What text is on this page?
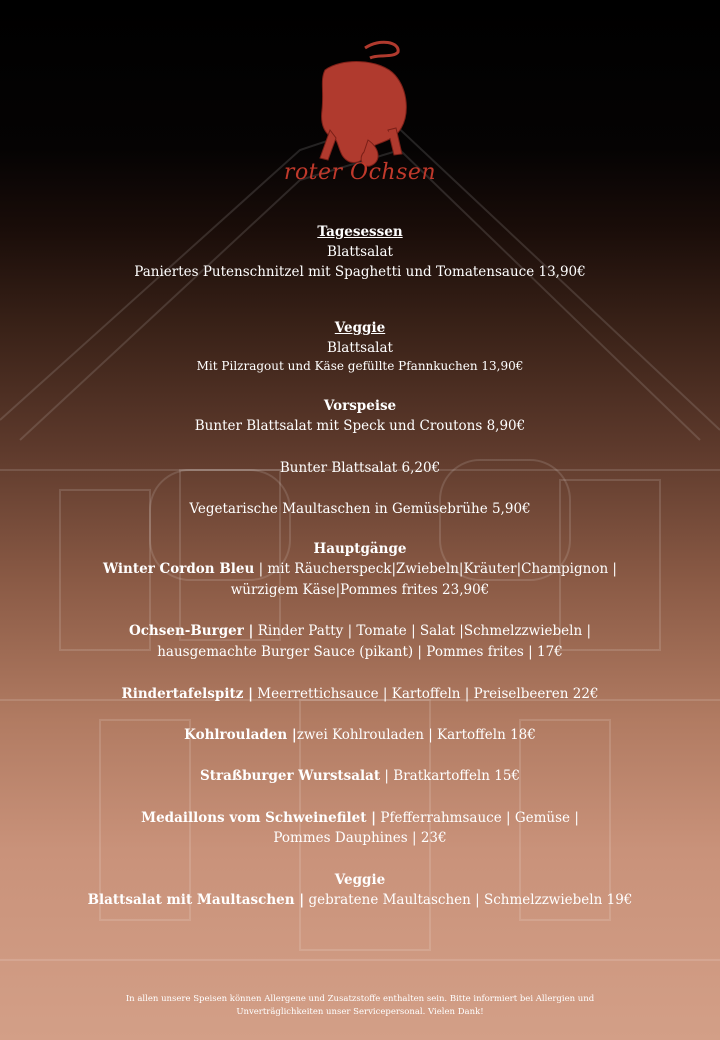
roter Ochsen
Tagesessen
Blattsalat
Paniertes Putenschnitzel mit Spaghetti und Tomatensauce 13,90€
Veggie
Blattsalat
Mit Pilzragout und Käse gefüllte Pfannkuchen 13,90€
Vorspeise
Bunter Blattsalat mit Speck und Croutons 8,90€
Bunter Blattsalat 6,20€
Vegetarische Maultaschen in Gemüsebrühe 5,90€
Hauptgänge
Winter Cordon Bleu | mit Räucherspeck|Zwiebeln|Kräuter|Champignon |
würzigem Käse|Pommes frites 23,90€
Ochsen-Burger | Rinder Patty | Tomate | Salat |Schmelzzwiebeln |
hausgemachte Burger Sauce (pikant) | Pommes frites | 17€
Rindertafelspitz | Meerrettichsauce | Kartoffeln | Preiselbeeren 22€
Kohlrouladen |zwei Kohlrouladen | Kartoffeln 18€
Straßburger Wurstsalat | Bratkartoffeln 15€
Medaillons vom Schweinefilet | Pfefferrahmsauce | Gemüse |
Pommes Dauphines | 23€
Veggie
Blattsalat mit Maultaschen | gebratene Maultaschen | Schmelzzwiebeln 19€
In allen unsere Speisen können Allergene und Zusatzstoffe enthalten sein. Bitte informiert bei Allergien und
Unverträglichkeiten unser Servicepersonal. Vielen Dank!
